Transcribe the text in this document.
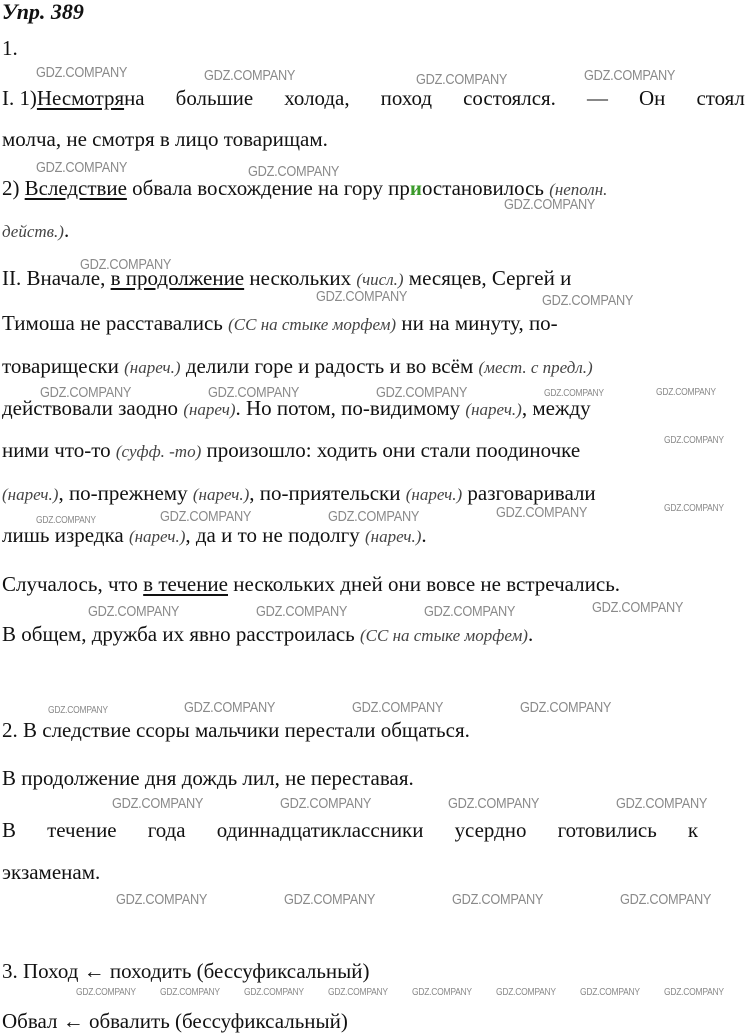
Упр. 389
1.
I. 1) Несмотря на большие холода, поход состоялся. — Он стоял
молча, не смотря в лицо товарищам.
2) Вследствие обвала восхождение на гору приостановилось (неполн.
действ.).
II. Вначале, в продолжение нескольких (числ.) месяцев, Сергей и
Тимоша не расставались (СС на стыке морфем) ни на минуту, по-
товарищески (нареч.) делили горе и радость и во всём (мест. с предл.)
действовали заодно (нареч). Но потом, по-видимому (нареч.), между
ними что-то (суфф. -то) произошло: ходить они стали поодиночке
(нареч.), по-прежнему (нареч.), по-приятельски (нареч.) разговаривали
лишь изредка (нареч.), да и то не подолгу (нареч.).
Случалось, что в течение нескольких дней они вовсе не встречались.
В общем, дружба их явно расстроилась (СС на стыке морфем).
2. В следствие ссоры мальчики перестали общаться.
В продолжение дня дождь лил, не переставая.
В течение года одиннадцатиклассники усердно готовились к
экзаменам.
3. Поход ← походить (бессуфиксальный)
Обвал ← обвалить (бессуфиксальный)
GDZ.COMPANY	GDZ.COMPANY	GDZ.COMPANY	GDZ.COMPANY
GDZ.COMPANY	GDZ.COMPANY
GDZ.COMPANY
GDZ.COMPANY
GDZ.COMPANY	GDZ.COMPANY
GDZ.COMPANY	GDZ.COMPANY	GDZ.COMPANY	GDZ.COMPANY	GDZ.COMPANY
GDZ.COMPANY
GDZ.COMPANY	GDZ.COMPANY	GDZ.COMPANY	GDZ.COMPANY	GDZ.COMPANY
GDZ.COMPANY	GDZ.COMPANY	GDZ.COMPANY	GDZ.COMPANY
GDZ.COMPANY	GDZ.COMPANY	GDZ.COMPANY	GDZ.COMPANY
GDZ.COMPANY	GDZ.COMPANY	GDZ.COMPANY	GDZ.COMPANY
GDZ.COMPANY	GDZ.COMPANY	GDZ.COMPANY	GDZ.COMPANY
GDZ.COMPANY GDZ.COMPANY GDZ.COMPANY GDZ.COMPANY GDZ.COMPANY GDZ.COMPANY GDZ.COMPANY GDZ.COMPANY
